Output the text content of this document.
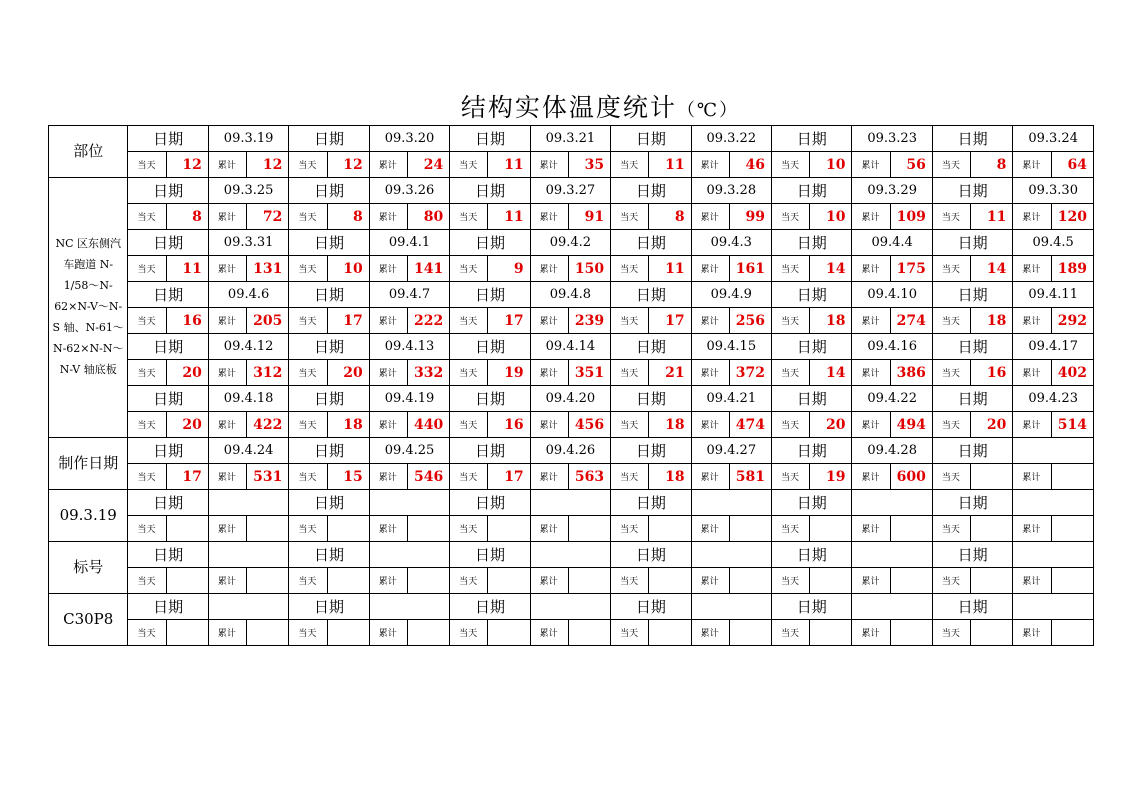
结构实体温度统计（℃）
部位	日期		09.3.19		日期		09.3.20		日期		09.3.21		日期		09.3.22		日期		09.3.23		日期		09.3.24	
	当天	12	累计	12	当天	12	累计	24	当天	11	累计	35	当天	11	累计	46	当天	10	累计	56	当天	8	累计	64
NC 区东侧汽车跑道 N-1/58～N-62×N-V～N-S 轴、N-61～N-62×N-N～N-V 轴底板	日期		09.3.25		日期		09.3.26		日期		09.3.27		日期		09.3.28		日期		09.3.29		日期		09.3.30	
	当天	8	累计	72	当天	8	累计	80	当天	11	累计	91	当天	8	累计	99	当天	10	累计	109	当天	11	累计	120
	日期		09.3.31		日期		09.4.1		日期		09.4.2		日期		09.4.3		日期		09.4.4		日期		09.4.5	
	当天	11	累计	131	当天	10	累计	141	当天	9	累计	150	当天	11	累计	161	当天	14	累计	175	当天	14	累计	189
	日期		09.4.6		日期		09.4.7		日期		09.4.8		日期		09.4.9		日期		09.4.10		日期		09.4.11	
	当天	16	累计	205	当天	17	累计	222	当天	17	累计	239	当天	17	累计	256	当天	18	累计	274	当天	18	累计	292
	日期		09.4.12		日期		09.4.13		日期		09.4.14		日期		09.4.15		日期		09.4.16		日期		09.4.17	
	当天	20	累计	312	当天	20	累计	332	当天	19	累计	351	当天	21	累计	372	当天	14	累计	386	当天	16	累计	402
	日期		09.4.18		日期		09.4.19		日期		09.4.20		日期		09.4.21		日期		09.4.22		日期		09.4.23	
	当天	20	累计	422	当天	18	累计	440	当天	16	累计	456	当天	18	累计	474	当天	20	累计	494	当天	20	累计	514
制作日期	日期		09.4.24		日期		09.4.25		日期		09.4.26		日期		09.4.27		日期		09.4.28		日期			
	当天	17	累计	531	当天	15	累计	546	当天	17	累计	563	当天	18	累计	581	当天	19	累计	600	当天		累计	
09.3.19	日期				日期				日期				日期				日期				日期			
	当天		累计		当天		累计		当天		累计		当天		累计		当天		累计		当天		累计	
标号	日期				日期				日期				日期				日期				日期			
	当天		累计		当天		累计		当天		累计		当天		累计		当天		累计		当天		累计	
C30P8	日期				日期				日期				日期				日期				日期			
	当天		累计		当天		累计		当天		累计		当天		累计		当天		累计		当天		累计	
